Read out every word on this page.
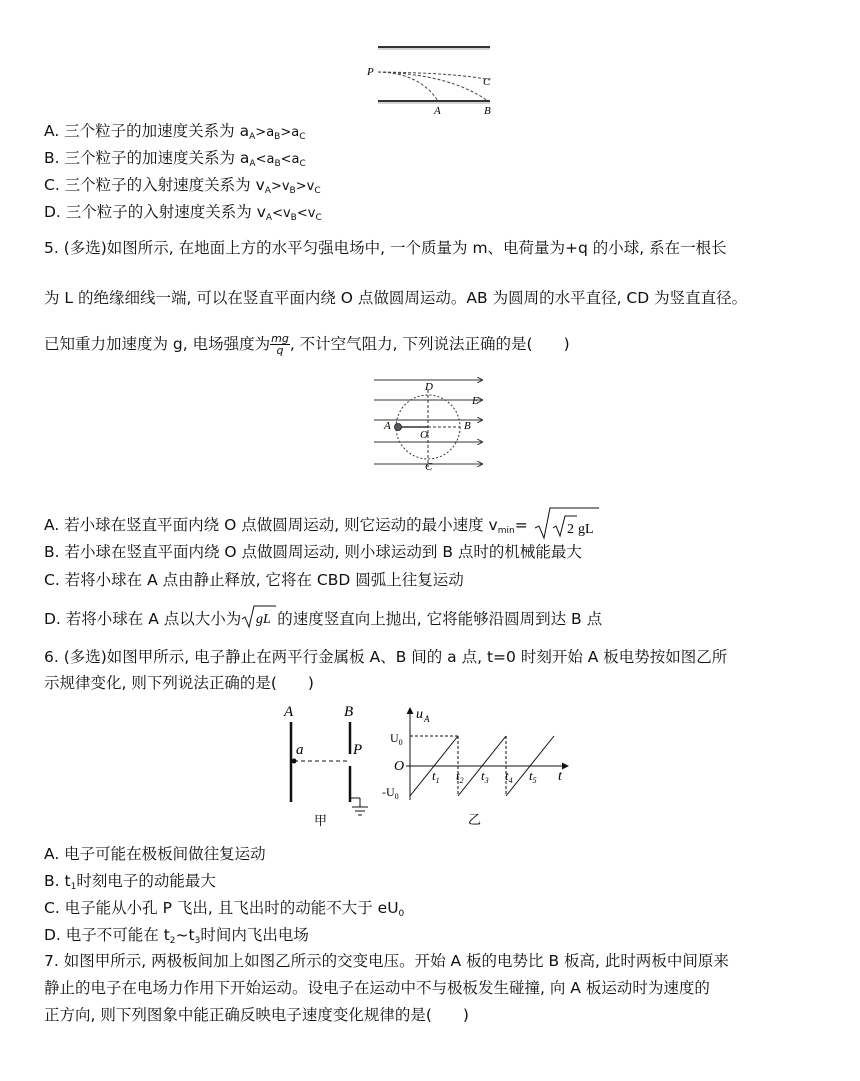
P
C
A	B
A. 三个粒子的加速度关系为 $a_A>a_B>a_C$
B. 三个粒子的加速度关系为 $a_A<a_B<a_C$
C. 三个粒子的入射速度关系为 $v_A>v_B>v_C$
D. 三个粒子的入射速度关系为 $v_A<v_B<v_C$
5. (多选)如图所示, 在地面上方的水平匀强电场中, 一个质量为 m、电荷量为+q 的小球, 系在一根长
为 L 的绝缘细线一端, 可以在竖直平面内绕 O 点做圆周运动。AB 为圆周的水平直径, CD 为竖直直径。
已知重力加速度为 g, 电场强度为 $\frac{mg}{q}$ , 不计空气阻力, 下列说法正确的是(　　)
D
E
A
O
B
C
A. 若小球在竖直平面内绕 O 点做圆周运动, 则它运动的最小速度 $v_{min}=$	2 gL
B. 若小球在竖直平面内绕 O 点做圆周运动, 则小球运动到 B 点时的机械能最大
C. 若将小球在 A 点由静止释放, 它将在 CBD 圆弧上往复运动
D. 若将小球在 A 点以大小为 gL 的速度竖直向上抛出, 它将能够沿圆周到达 B 点
6. (多选)如图甲所示, 电子静止在两平行金属板 A、B 间的 a 点, t=0 时刻开始 A 板电势按如图乙所
示规律变化, 则下列说法正确的是(　　)
A	B
a	P
甲
u A
$U_0$
O
$-U_0$
$t_1$ $t_2$ $t_3$ $t_4$ $t_5$ t
乙
A. 电子可能在极板间做往复运动
B. $t_1$时刻电子的动能最大
C. 电子能从小孔 P 飞出, 且飞出时的动能不大于 $eU_0$
D. 电子不可能在 $t_2\sim t_3$时间内飞出电场
7. 如图甲所示, 两极板间加上如图乙所示的交变电压。开始 A 板的电势比 B 板高, 此时两板中间原来
静止的电子在电场力作用下开始运动。设电子在运动中不与极板发生碰撞, 向 A 板运动时为速度的
正方向, 则下列图象中能正确反映电子速度变化规律的是(　　)
